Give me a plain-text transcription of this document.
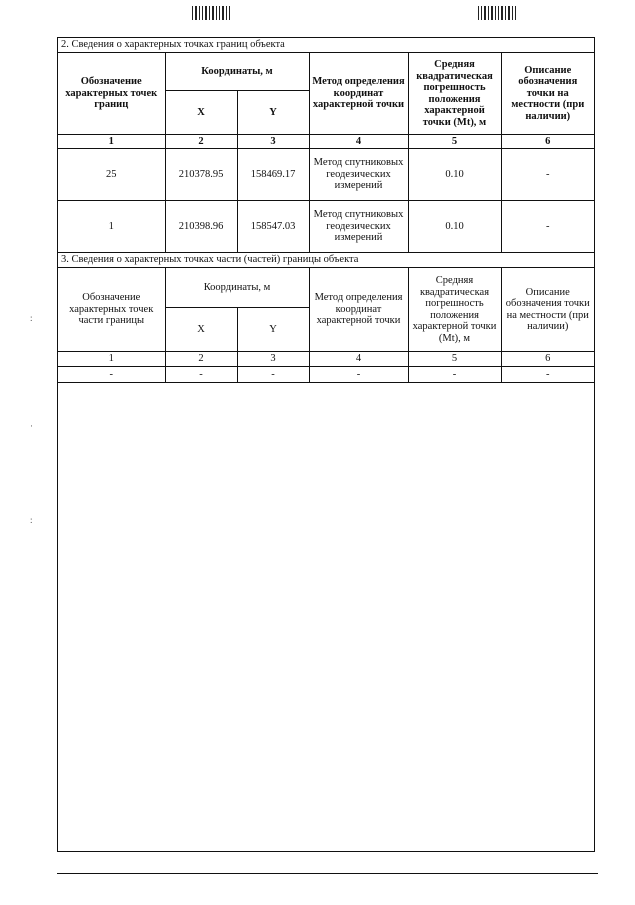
:
·
:
2. Сведения о характерных точках границ объекта					
Обозначение характерных точек границ	Координаты, м		Метод определения координат характерной точки	Средняя квадратическая погрешность положения характерной точки (Mt), м	Описание обозначения точки на местности (при наличии)
	X	Y			
1	2	3	4	5	6
25	210378.95	158469.17	Метод спутниковых геодезических измерений	0.10	-
1	210398.96	158547.03	Метод спутниковых геодезических измерений	0.10	-
3. Сведения о характерных точках части (частей) границы объекта					
Обозначение характерных точек части границы	Координаты, м		Метод определения координат характерной точки	Средняя квадратическая погрешность положения характерной точки (Mt), м	Описание обозначения точки на местности (при наличии)
	X	Y			
1	2	3	4	5	6
-	-	-	-	-	-
